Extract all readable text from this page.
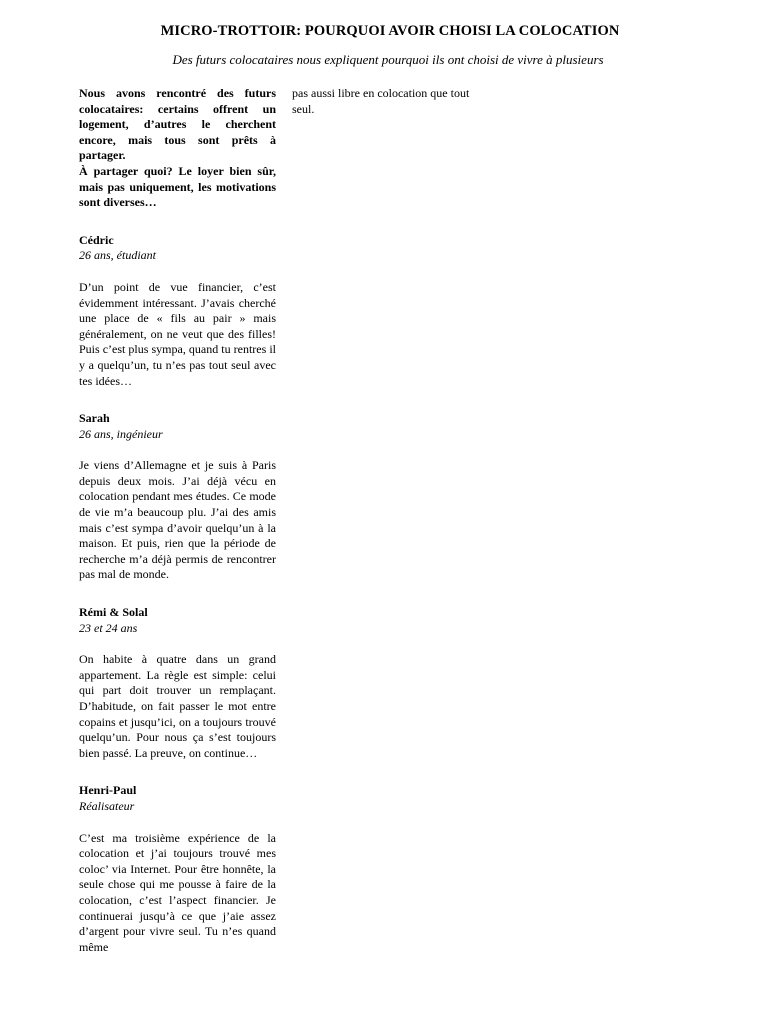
MICRO-TROTTOIR: POURQUOI AVOIR CHOISI LA COLOCATION
Des futurs colocataires nous expliquent pourquoi ils ont choisi de vivre à plusieurs

Nous avons rencontré des futurs colocataires: certains offrent un logement, d’autres le cherchent encore, mais tous sont prêts à partager.

À partager quoi? Le loyer bien sûr, mais pas uniquement, les motivations sont diverses…

Cédric

26 ans, étudiant

D’un point de vue financier, c’est évidemment intéressant. J’avais cherché une place de « fils au pair » mais généralement, on ne veut que des filles! Puis c’est plus sympa, quand tu rentres il y a quelqu’un, tu n’es pas tout seul avec tes idées…

Sarah

26 ans, ingénieur

Je viens d’Allemagne et je suis à Paris depuis deux mois. J’ai déjà vécu en colocation pendant mes études. Ce mode de vie m’a beaucoup plu. J’ai des amis mais c’est sympa d’avoir quelqu’un à la maison. Et puis, rien que la période de recherche m’a déjà permis de rencontrer pas mal de monde.

Rémi & Solal

23 et 24 ans

On habite à quatre dans un grand appartement. La règle est simple: celui qui part doit trouver un remplaçant. D’habitude, on fait passer le mot entre copains et jusqu’ici, on a toujours trouvé quelqu’un. Pour nous ça s’est toujours bien passé. La preuve, on continue…

Henri-Paul

Réalisateur

C’est ma troisième expérience de la colocation et j’ai toujours trouvé mes coloc’ via Internet. Pour être honnête, la seule chose qui me pousse à faire de la colocation, c’est l’aspect financier. Je continuerai jusqu’à ce que j’aie assez d’argent pour vivre seul. Tu n’es quand même

pas aussi libre en colocation que tout seul.
